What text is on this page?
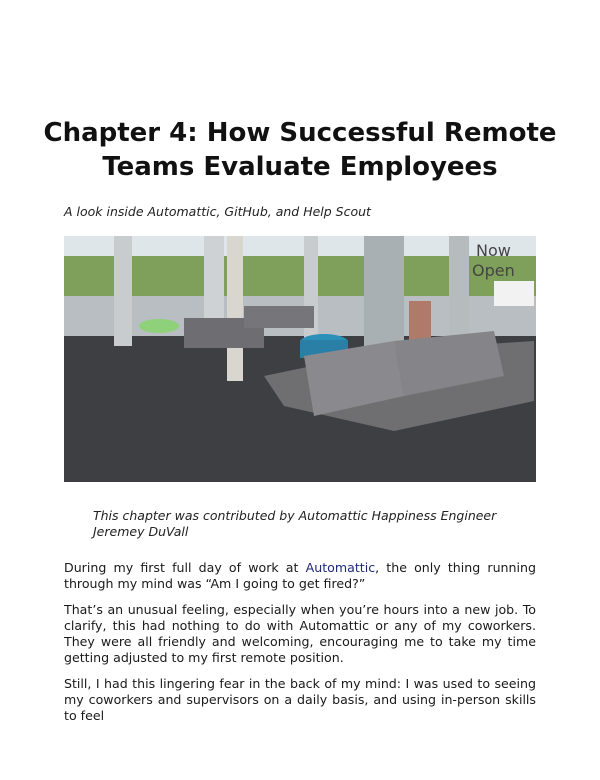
Chapter 4: How Successful Remote
Teams Evaluate Employees
A look inside Automattic, GitHub, and Help Scout
Now
Open
This chapter was contributed by Automattic Happiness Engineer Jeremey DuVall

During my first full day of work at Automattic, the only thing running through my mind was “Am I going to get fired?”

That’s an unusual feeling, especially when you’re hours into a new job. To clarify, this had nothing to do with Automattic or any of my coworkers. They were all friendly and welcoming, encouraging me to take my time getting adjusted to my first remote position.

Still, I had this lingering fear in the back of my mind: I was used to seeing my coworkers and supervisors on a daily basis, and using in-person skills to feel
